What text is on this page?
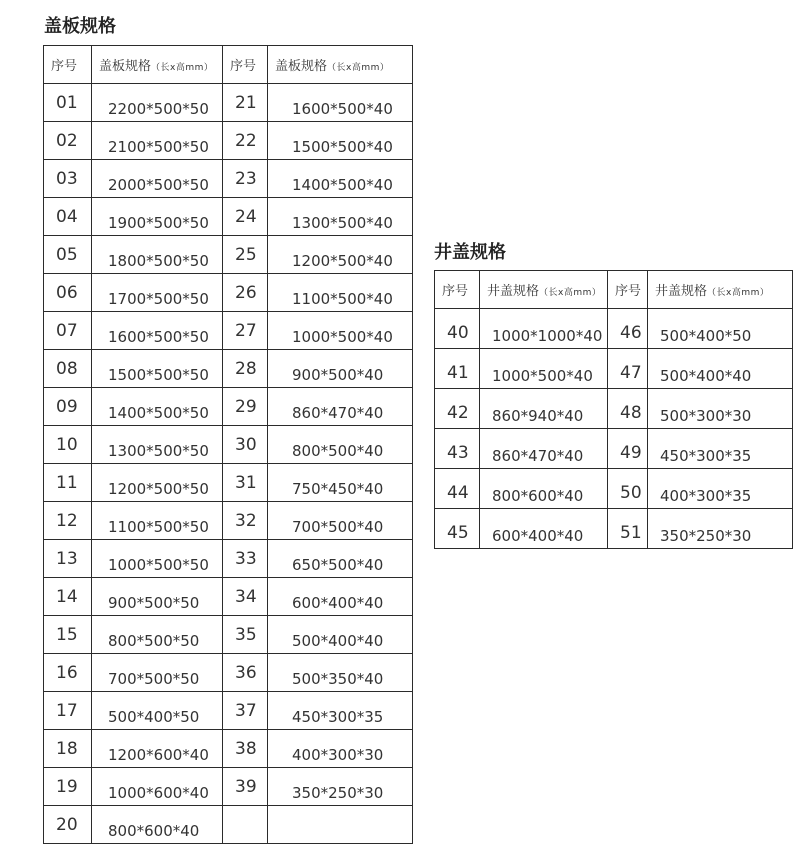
盖板规格
序号	盖板规格（长x高mm）	序号	盖板规格（长x高mm）
01	2200*500*50	21	1600*500*40
02	2100*500*50	22	1500*500*40
03	2000*500*50	23	1400*500*40
04	1900*500*50	24	1300*500*40
05	1800*500*50	25	1200*500*40
06	1700*500*50	26	1100*500*40
07	1600*500*50	27	1000*500*40
08	1500*500*50	28	900*500*40
09	1400*500*50	29	860*470*40
10	1300*500*50	30	800*500*40
11	1200*500*50	31	750*450*40
12	1100*500*50	32	700*500*40
13	1000*500*50	33	650*500*40
14	900*500*50	34	600*400*40
15	800*500*50	35	500*400*40
16	700*500*50	36	500*350*40
17	500*400*50	37	450*300*35
18	1200*600*40	38	400*300*30
19	1000*600*40	39	350*250*30
20	800*600*40		
井盖规格
序号	井盖规格（长x高mm）	序号	井盖规格（长x高mm）
40	1000*1000*40	46	500*400*50
41	1000*500*40	47	500*400*40
42	860*940*40	48	500*300*30
43	860*470*40	49	450*300*35
44	800*600*40	50	400*300*35
45	600*400*40	51	350*250*30
